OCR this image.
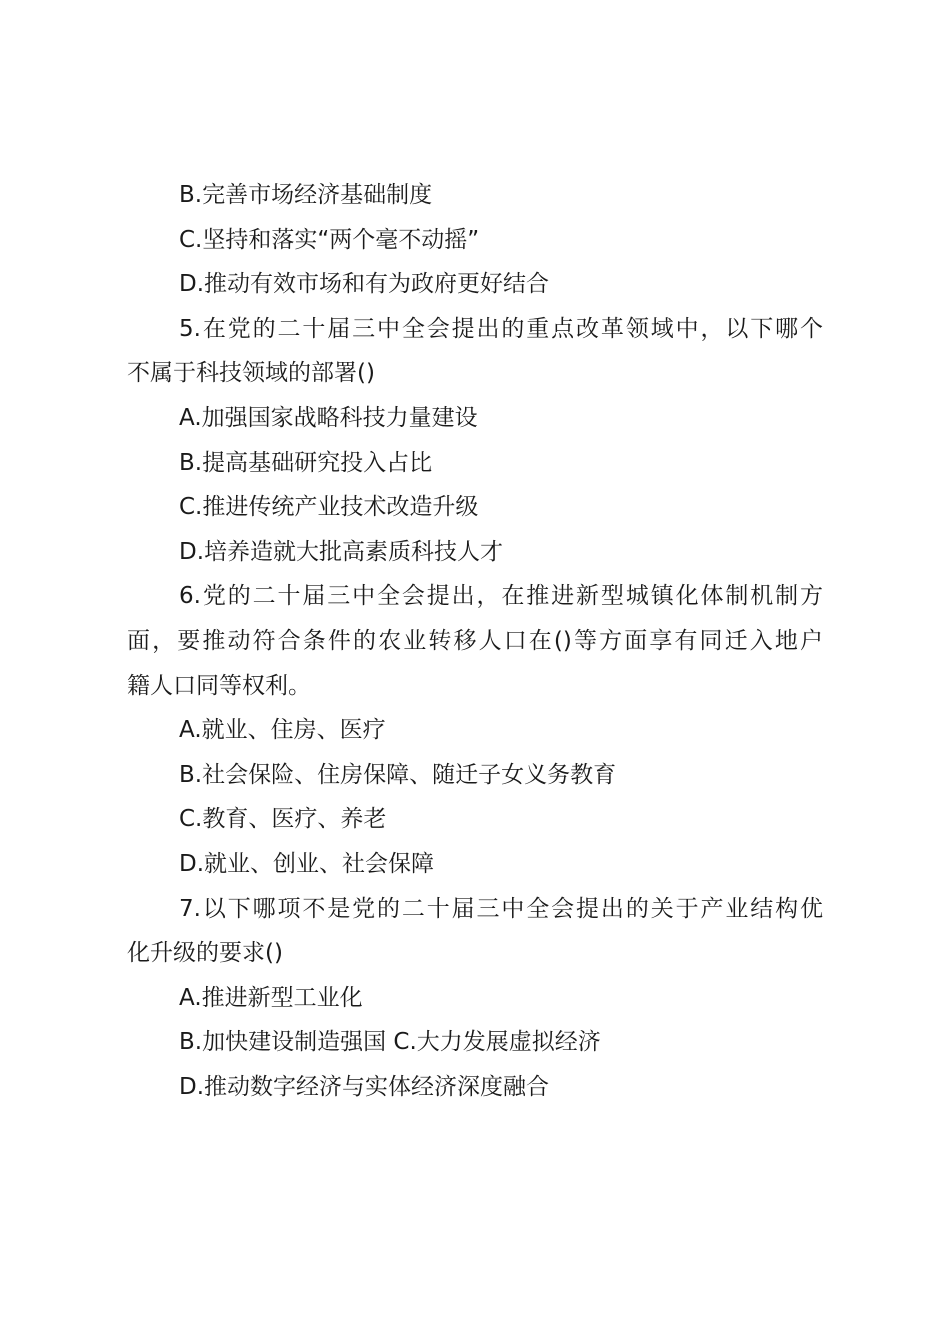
B.完善市场经济基础制度
C.坚持和落实“两个毫不动摇”
D.推动有效市场和有为政府更好结合
5.在党的二十届三中全会提出的重点改革领域中，以下哪个
不属于科技领域的部署()
A.加强国家战略科技力量建设
B.提高基础研究投入占比
C.推进传统产业技术改造升级
D.培养造就大批高素质科技人才
6.党的二十届三中全会提出，在推进新型城镇化体制机制方
面，要推动符合条件的农业转移人口在()等方面享有同迁入地户
籍人口同等权利。
A.就业、住房、医疗
B.社会保险、住房保障、随迁子女义务教育
C.教育、医疗、养老
D.就业、创业、社会保障
7.以下哪项不是党的二十届三中全会提出的关于产业结构优
化升级的要求()
A.推进新型工业化
B.加快建设制造强国 C.大力发展虚拟经济
D.推动数字经济与实体经济深度融合
